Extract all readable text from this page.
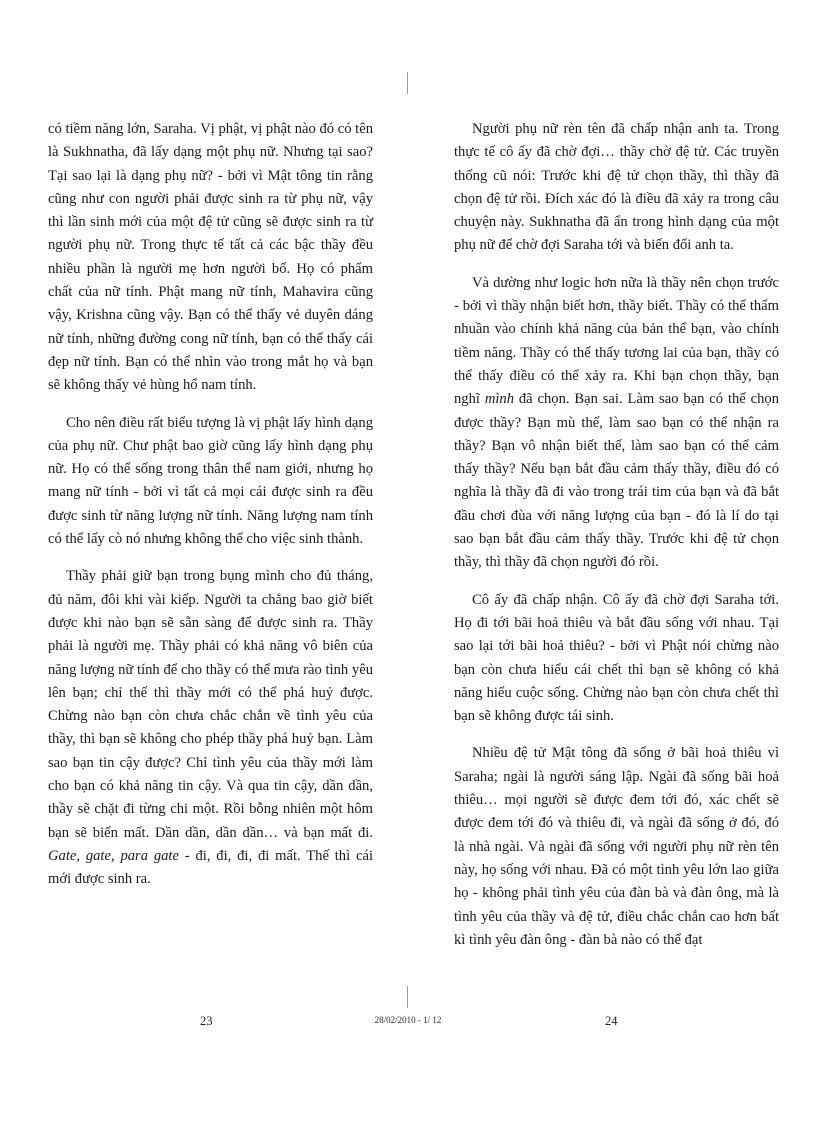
có tiềm năng lớn, Saraha. Vị phật, vị phật nào đó có tên là Sukhnatha, đã lấy dạng một phụ nữ. Nhưng tại sao? Tại sao lại là dạng phụ nữ? - bởi vì Mật tông tin rằng cũng như con người phải được sinh ra từ phụ nữ, vậy thì lần sinh mới của một đệ tử cũng sẽ được sinh ra từ người phụ nữ. Trong thực tế tất cả các bậc thầy đều nhiều phần là người mẹ hơn người bố. Họ có phẩm chất của nữ tính. Phật mang nữ tính, Mahavira cũng vậy, Krishna cũng vậy. Bạn có thể thấy vẻ duyên dáng nữ tính, những đường cong nữ tính, bạn có thể thấy cái đẹp nữ tính. Bạn có thể nhìn vào trong mắt họ và bạn sẽ không thấy vẻ hùng hổ nam tính.

Cho nên điều rất biểu tượng là vị phật lấy hình dạng của phụ nữ. Chư phật bao giờ cũng lấy hình dạng phụ nữ. Họ có thể sống trong thân thể nam giới, nhưng họ mang nữ tính - bởi vì tất cả mọi cái được sinh ra đều được sinh từ năng lượng nữ tính. Năng lượng nam tính có thể lấy cò nó nhưng không thể cho việc sinh thành.

Thầy phải giữ bạn trong bụng mình cho đủ tháng, đủ năm, đôi khi vài kiếp. Người ta chẳng bao giờ biết được khi nào bạn sẽ sẵn sàng để được sinh ra. Thầy phải là người mẹ. Thầy phải có khả năng vô biên của năng lượng nữ tính để cho thầy có thể mưa rào tình yêu lên bạn; chỉ thế thì thầy mới có thể phá huỷ được. Chừng nào bạn còn chưa chắc chắn về tình yêu của thầy, thì bạn sẽ không cho phép thầy phá huỷ bạn. Làm sao bạn tin cậy được? Chỉ tình yêu của thầy mới làm cho bạn có khả năng tin cậy. Và qua tin cậy, dần dần, thầy sẽ chặt đi từng chi một. Rồi bỗng nhiên một hôm bạn sẽ biến mất. Dần dần, dần dần… và bạn mất đi. Gate, gate, para gate - đi, đi, đi, đi mất. Thế thì cái mới được sinh ra.

Người phụ nữ rèn tên đã chấp nhận anh ta. Trong thực tế cô ấy đã chờ đợi… thầy chờ đệ tử. Các truyền thống cũ nói: Trước khi đệ tử chọn thầy, thì thầy đã chọn đệ tử rồi. Đích xác đó là điều đã xảy ra trong câu chuyện này. Sukhnatha đã ẩn trong hình dạng của một phụ nữ để chờ đợi Saraha tới và biến đổi anh ta.

Và dường như logic hơn nữa là thầy nên chọn trước - bởi vì thầy nhận biết hơn, thầy biết. Thầy có thể thẩm nhuần vào chính khả năng của bản thể bạn, vào chính tiềm năng. Thầy có thể thấy tương lai của bạn, thầy có thể thấy điều có thể xảy ra. Khi bạn chọn thầy, bạn nghĩ mình đã chọn. Bạn sai. Làm sao bạn có thể chọn được thầy? Bạn mù thế, làm sao bạn có thể nhận ra thầy? Bạn vô nhận biết thế, làm sao bạn có thể cảm thấy thầy? Nếu bạn bắt đầu cảm thấy thầy, điều đó có nghĩa là thầy đã đi vào trong trái tim của bạn và đã bắt đầu chơi đùa với năng lượng của bạn - đó là lí do tại sao bạn bắt đầu cảm thấy thầy. Trước khi đệ tử chọn thầy, thì thầy đã chọn người đó rồi.

Cô ấy đã chấp nhận. Cô ấy đã chờ đợi Saraha tới. Họ đi tới bãi hoả thiêu và bắt đầu sống với nhau. Tại sao lại tới bãi hoả thiêu? - bởi vì Phật nói chừng nào bạn còn chưa hiểu cái chết thì bạn sẽ không có khả năng hiểu cuộc sống. Chừng nào bạn còn chưa chết thì bạn sẽ không được tái sinh.

Nhiều đệ tử Mật tông đã sống ở bãi hoả thiêu vì Saraha; ngài là người sáng lập. Ngài đã sống bãi hoả thiêu… mọi người sẽ được đem tới đó, xác chết sẽ được đem tới đó và thiêu đi, và ngài đã sống ở đó, đó là nhà ngài. Và ngài đã sống với người phụ nữ rèn tên này, họ sống với nhau. Đã có một tình yêu lớn lao giữa họ - không phải tình yêu của đàn bà và đàn ông, mà là tình yêu của thầy và đệ tử, điều chắc chắn cao hơn bất kì tình yêu đàn ông - đàn bà nào có thể đạt

23	28/02/2010 - 1/ 12	24
